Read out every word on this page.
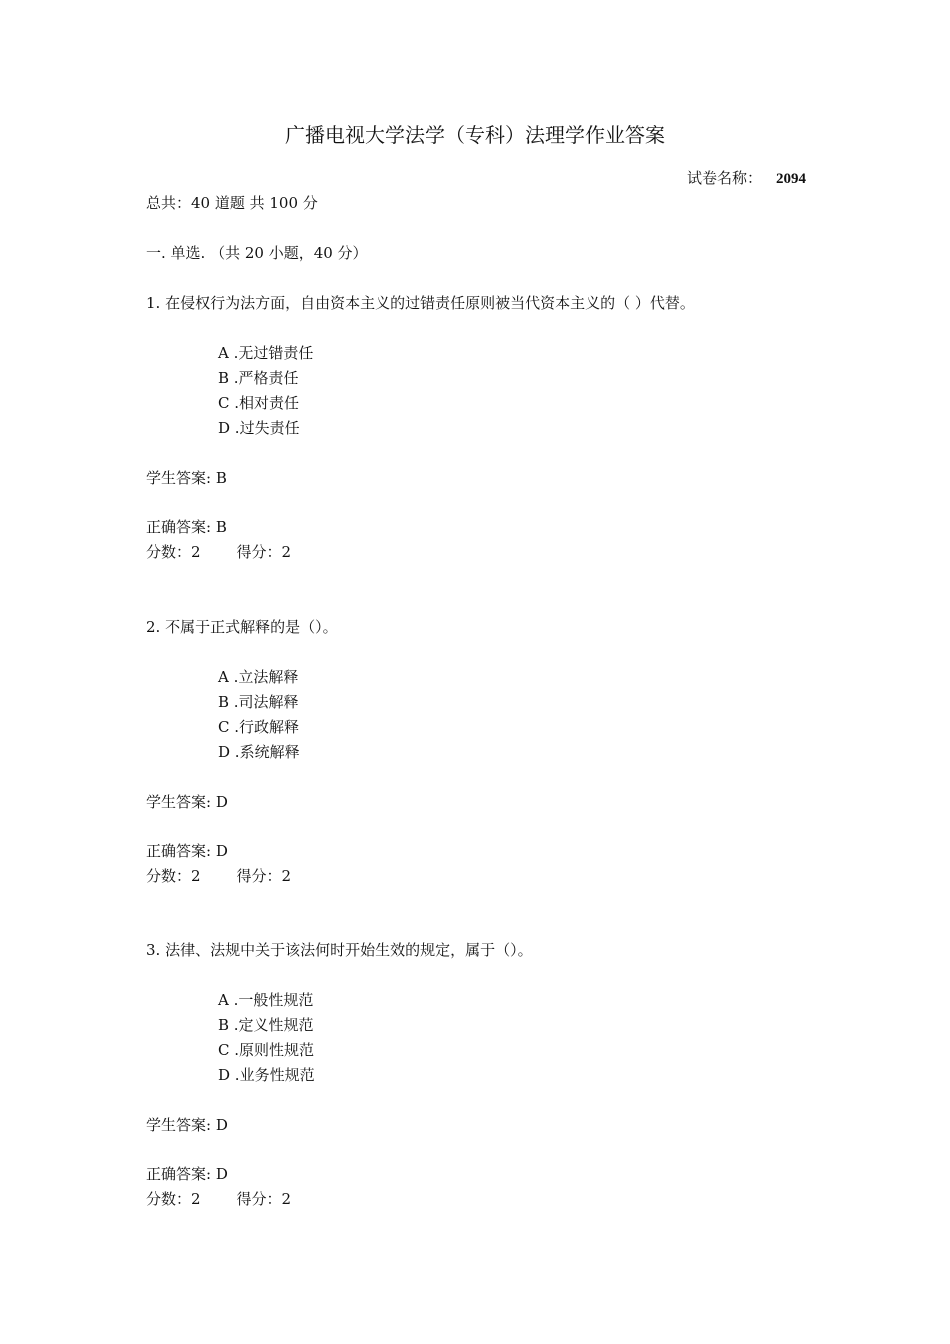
广播电视大学法学（专科）法理学作业答案
试卷名称： 2094
总共：40 道题 共 100 分
一. 单选. （共 20 小题，40 分）
1. 在侵权行为法方面，自由资本主义的过错责任原则被当代资本主义的（ ）代替。
A .无过错责任
B .严格责任
C .相对责任
D .过失责任
学生答案: B
正确答案: B
分数：2 得分：2
2. 不属于正式解释的是（）。
A .立法解释
B .司法解释
C .行政解释
D .系统解释
学生答案: D
正确答案: D
分数：2 得分：2
3. 法律、法规中关于该法何时开始生效的规定，属于（）。
A .一般性规范
B .定义性规范
C .原则性规范
D .业务性规范
学生答案: D
正确答案: D
分数：2 得分：2
